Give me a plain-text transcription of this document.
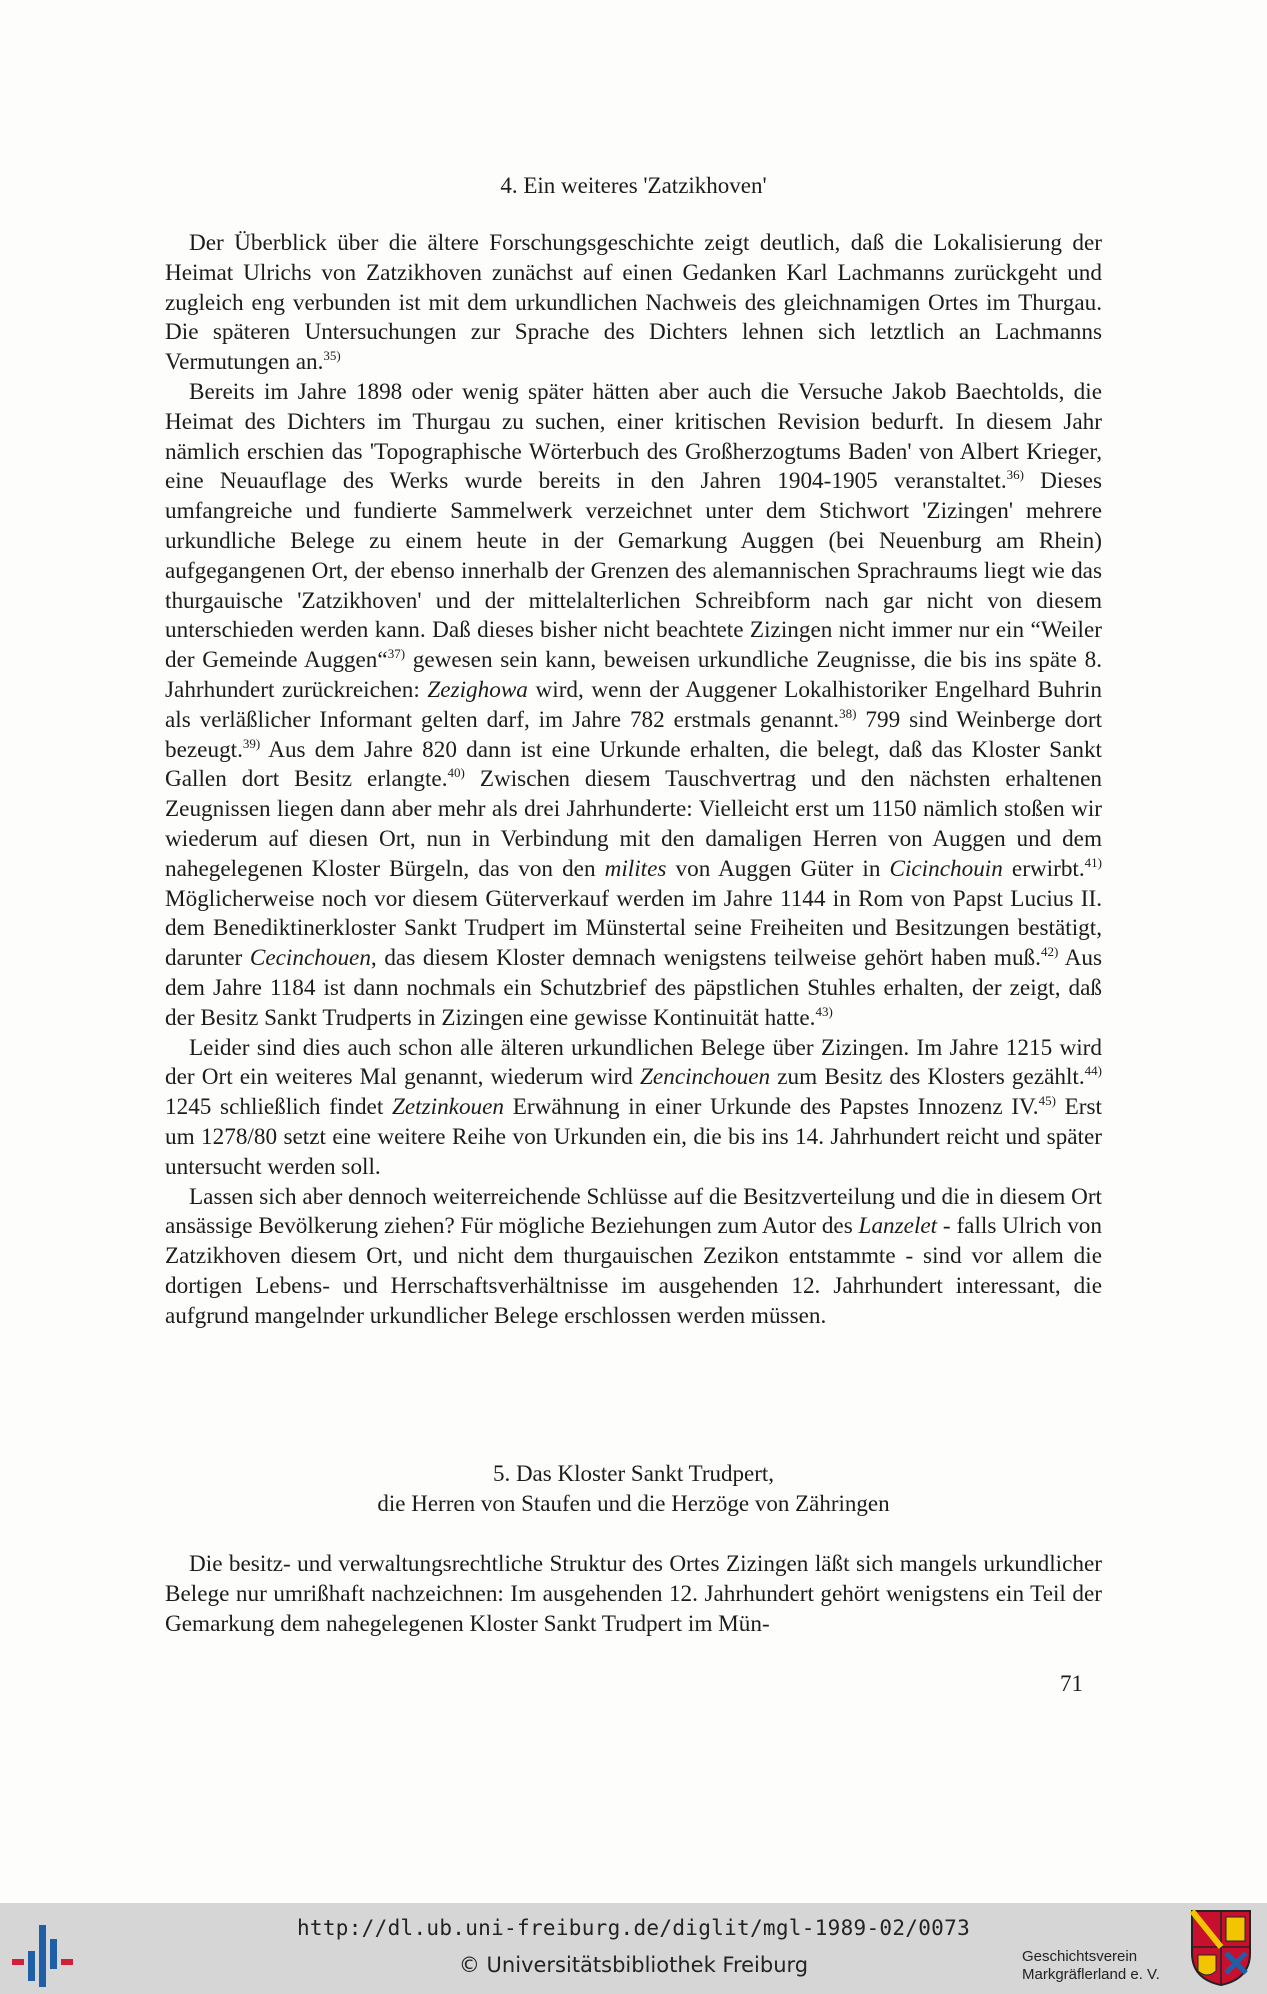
4. Ein weiteres 'Zatzikhoven'

Der Überblick über die ältere Forschungsgeschichte zeigt deutlich, daß die Lokalisierung der Heimat Ulrichs von Zatzikhoven zunächst auf einen Gedanken Karl Lachmanns zurückgeht und zugleich eng verbunden ist mit dem urkundlichen Nachweis des gleichnamigen Ortes im Thurgau. Die späteren Untersuchungen zur Sprache des Dichters lehnen sich letztlich an Lachmanns Vermutungen an.$^{35)}$

Bereits im Jahre 1898 oder wenig später hätten aber auch die Versuche Jakob Baechtolds, die Heimat des Dichters im Thurgau zu suchen, einer kritischen Revision bedurft. In diesem Jahr nämlich erschien das 'Topographische Wörterbuch des Großherzogtums Baden' von Albert Krieger, eine Neuauflage des Werks wurde bereits in den Jahren 1904-1905 veranstaltet.$^{36)}$ Dieses umfangreiche und fundierte Sammelwerk verzeichnet unter dem Stichwort 'Zizingen' mehrere urkundliche Belege zu einem heute in der Gemarkung Auggen (bei Neuenburg am Rhein) aufgegangenen Ort, der ebenso innerhalb der Grenzen des alemannischen Sprachraums liegt wie das thurgauische 'Zatzikhoven' und der mittelalterlichen Schreibform nach gar nicht von diesem unterschieden werden kann. Daß dieses bisher nicht beachtete Zizingen nicht immer nur ein “Weiler der Gemeinde Auggen“$^{37)}$ gewesen sein kann, beweisen urkundliche Zeugnisse, die bis ins späte 8. Jahrhundert zurückreichen: Zezighowa wird, wenn der Auggener Lokalhistoriker Engelhard Buhrin als verläßlicher Informant gelten darf, im Jahre 782 erstmals genannt.$^{38)}$ 799 sind Weinberge dort bezeugt.$^{39)}$ Aus dem Jahre 820 dann ist eine Urkunde erhalten, die belegt, daß das Kloster Sankt Gallen dort Besitz erlangte.$^{40)}$ Zwischen diesem Tauschvertrag und den nächsten erhaltenen Zeugnissen liegen dann aber mehr als drei Jahrhunderte: Vielleicht erst um 1150 nämlich stoßen wir wiederum auf diesen Ort, nun in Verbindung mit den damaligen Herren von Auggen und dem nahegelegenen Kloster Bürgeln, das von den milites von Auggen Güter in Cicinchouin erwirbt.$^{41)}$ Möglicherweise noch vor diesem Güterverkauf werden im Jahre 1144 in Rom von Papst Lucius II. dem Benediktinerkloster Sankt Trudpert im Münstertal seine Freiheiten und Besitzungen bestätigt, darunter Cecinchouen, das diesem Kloster demnach wenigstens teilweise gehört haben muß.$^{42)}$ Aus dem Jahre 1184 ist dann nochmals ein Schutzbrief des päpstlichen Stuhles erhalten, der zeigt, daß der Besitz Sankt Trudperts in Zizingen eine gewisse Kontinuität hatte.$^{43)}$

Leider sind dies auch schon alle älteren urkundlichen Belege über Zizingen. Im Jahre 1215 wird der Ort ein weiteres Mal genannt, wiederum wird Zencinchouen zum Besitz des Klosters gezählt.$^{44)}$ 1245 schließlich findet Zetzinkouen Erwähnung in einer Urkunde des Papstes Innozenz IV.$^{45)}$ Erst um 1278/80 setzt eine weitere Reihe von Urkunden ein, die bis ins 14. Jahrhundert reicht und später untersucht werden soll.

Lassen sich aber dennoch weiterreichende Schlüsse auf die Besitzverteilung und die in diesem Ort ansässige Bevölkerung ziehen? Für mögliche Beziehungen zum Autor des Lanzelet - falls Ulrich von Zatzikhoven diesem Ort, und nicht dem thurgauischen Zezikon entstammte - sind vor allem die dortigen Lebens- und Herrschaftsverhältnisse im ausgehenden 12. Jahrhundert interessant, die aufgrund mangelnder urkundlicher Belege erschlossen werden müssen.

5. Das Kloster Sankt Trudpert,
die Herren von Staufen und die Herzöge von Zähringen

Die besitz- und verwaltungsrechtliche Struktur des Ortes Zizingen läßt sich mangels urkundlicher Belege nur umrißhaft nachzeichnen: Im ausgehenden 12. Jahrhundert gehört wenigstens ein Teil der Gemarkung dem nahegelegenen Kloster Sankt Trudpert im Mün-

71
http://dl.ub.uni-freiburg.de/diglit/mgl-1989-02/0073
© Universitätsbibliothek Freiburg	Geschichtsverein
Markgräflerland e. V.
